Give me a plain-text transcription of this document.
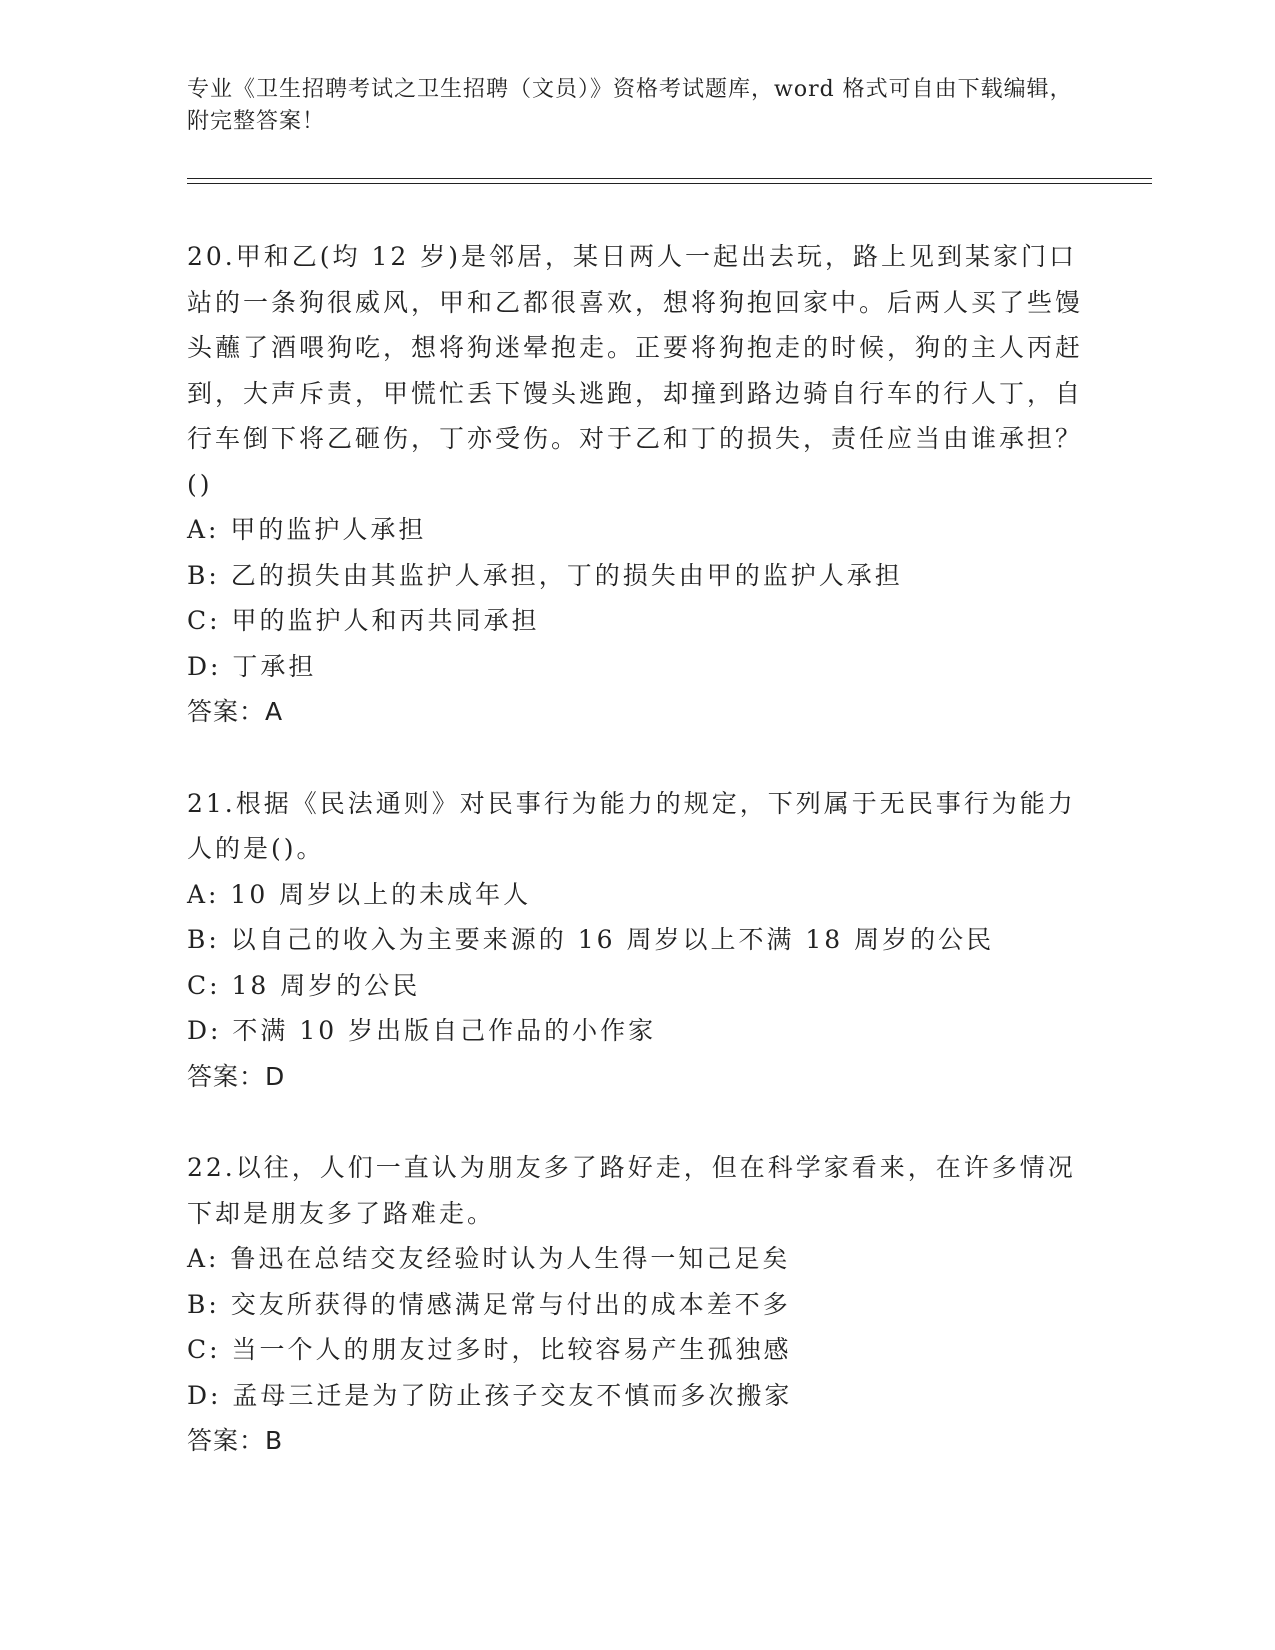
专业《卫生招聘考试之卫生招聘（文员）》资格考试题库，word 格式可自由下载编辑，附完整答案！

20.甲和乙(均 12 岁)是邻居，某日两人一起出去玩，路上见到某家门口站的一条狗很威风，甲和乙都很喜欢，想将狗抱回家中。后两人买了些馒头蘸了酒喂狗吃，想将狗迷晕抱走。正要将狗抱走的时候，狗的主人丙赶到，大声斥责，甲慌忙丢下馒头逃跑，却撞到路边骑自行车的行人丁，自行车倒下将乙砸伤，丁亦受伤。对于乙和丁的损失，责任应当由谁承担？()

A: 甲的监护人承担

B: 乙的损失由其监护人承担，丁的损失由甲的监护人承担

C: 甲的监护人和丙共同承担

D: 丁承担

答案：A

21.根据《民法通则》对民事行为能力的规定，下列属于无民事行为能力人的是()。

A: 10 周岁以上的未成年人

B: 以自己的收入为主要来源的 16 周岁以上不满 18 周岁的公民

C: 18 周岁的公民

D: 不满 10 岁出版自己作品的小作家

答案：D

22.以往，人们一直认为朋友多了路好走，但在科学家看来，在许多情况下却是朋友多了路难走。

A: 鲁迅在总结交友经验时认为人生得一知己足矣

B: 交友所获得的情感满足常与付出的成本差不多

C: 当一个人的朋友过多时，比较容易产生孤独感

D: 孟母三迁是为了防止孩子交友不慎而多次搬家

答案：B
